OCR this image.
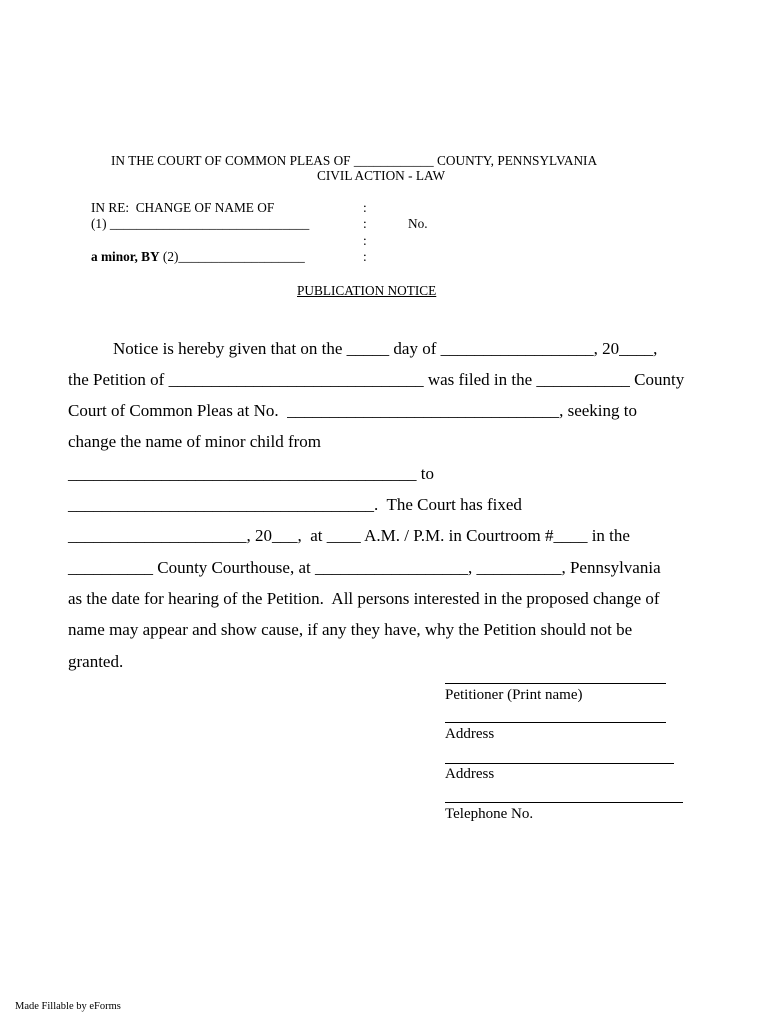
IN THE COURT OF COMMON PLEAS OF ____________ COUNTY, PENNSYLVANIA
CIVIL ACTION - LAW
IN RE:  CHANGE OF NAME OF
(1) ______________________________
a minor, BY (2)___________________
:
:
:
:
No.
PUBLICATION NOTICE
Notice is hereby given that on the _____ day of __________________, 20____,
the Petition of ______________________________ was filed in the ___________ County
Court of Common Pleas at No.  ________________________________, seeking to
change the name of minor child from
_________________________________________ to
____________________________________.  The Court has fixed
_____________________, 20___,  at ____ A.M. / P.M. in Courtroom #____ in the
__________ County Courthouse, at __________________, __________, Pennsylvania
as the date for hearing of the Petition.  All persons interested in the proposed change of
name may appear and show cause, if any they have, why the Petition should not be
granted.
Petitioner (Print name)
Address
Address
Telephone No.
Made Fillable by eForms
